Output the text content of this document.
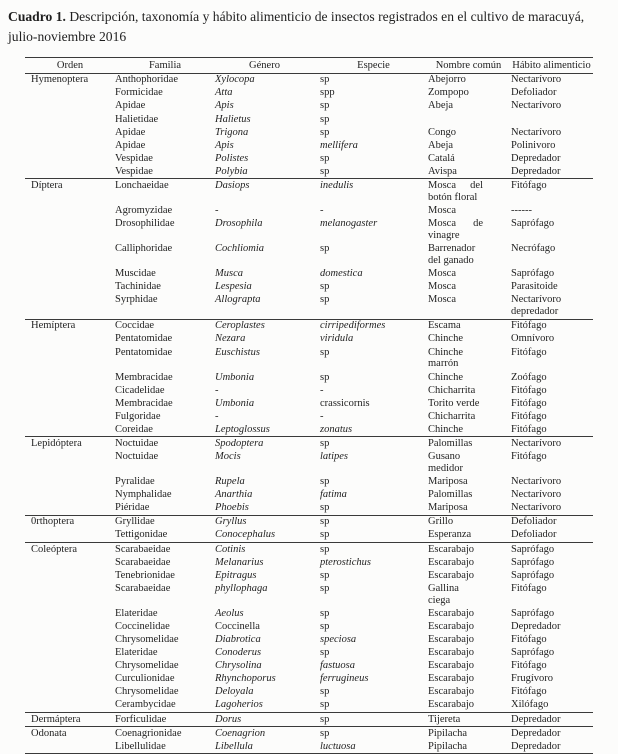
Cuadro 1. Descripción, taxonomía y hábito alimenticio de insectos registrados en el cultivo de maracuyá, julio-noviembre 2016

Orden	Familia	Género	Especie	Nombre común	Hábito alimenticio
Hymenoptera	Anthophoridae	Xylocopa	sp	Abejorro	Nectarívoro
	Formicidae	Atta	spp	Zompopo	Defoliador
	Apidae	Apis	sp	Abeja	Nectarívoro
	Halietidae	Halietus	sp		
	Apidae	Trigona	sp	Congo	Nectarívoro
	Apidae	Apis	mellifera	Abeja	Polinivoro
	Vespidae	Polistes	sp	Catalá	Depredador
	Vespidae	Polybia	sp	Avispa	Depredador
Díptera	Lonchaeidae	Dasiops	inedulis	Mosca del botón floral	Fitófago
	Agromyzidae	-	-	Mosca	------
	Drosophilidae	Drosophila	melanogaster	Mosca de vinagre	Saprófago
	Calliphoridae	Cochliomia	sp	Barrenador del ganado	Necrófago
	Muscidae	Musca	domestica	Mosca	Saprófago
	Tachinidae	Lespesia	sp	Mosca	Parasitoide
	Syrphidae	Allograpta	sp	Mosca	Nectarívoro depredador
Hemíptera	Coccidae	Ceroplastes	cirripediformes	Escama	Fitófago
	Pentatomidae	Nezara	viridula	Chinche	Omnívoro
	Pentatomidae	Euschistus	sp	Chinche marrón	Fitófago
	Membracidae	Umbonia	sp	Chinche	Zoófago
	Cicadelidae	-	-	Chicharrita	Fitófago
	Membracidae	Umbonia	crassicornis	Torito verde	Fitófago
	Fulgoridae	-	-	Chicharrita	Fitófago
	Coreidae	Leptoglossus	zonatus	Chinche	Fitófago
Lepidóptera	Noctuidae	Spodoptera	sp	Palomillas	Nectarívoro
	Noctuidae	Mocis	latipes	Gusano medidor	Fitófago
	Pyralidae	Rupela	sp	Mariposa	Nectarívoro
	Nymphalidae	Anarthia	fatima	Palomillas	Nectarívoro
	Piéridae	Phoebis	sp	Mariposa	Nectarívoro
0rthoptera	Gryllidae	Gryllus	sp	Grillo	Defoliador
	Tettigonidae	Conocephalus	sp	Esperanza	Defoliador
Coleóptera	Scarabaeidae	Cotinis	sp	Escarabajo	Saprófago
	Scarabaeidae	Melanarius	pterostichus	Escarabajo	Saprófago
	Tenebrionidae	Epitragus	sp	Escarabajo	Saprófago
	Scarabaeidae	phyllophaga	sp	Gallina ciega	Fitófago
	Elateridae	Aeolus	sp	Escarabajo	Saprófago
	Coccinelidae	Coccinella	sp	Escarabajo	Depredador
	Chrysomelidae	Diabrotica	speciosa	Escarabajo	Fitófago
	Elateridae	Conoderus	sp	Escarabajo	Saprófago
	Chrysomelidae	Chrysolina	fastuosa	Escarabajo	Fitófago
	Curculionidae	Rhynchoporus	ferrugineus	Escarabajo	Frugívoro
	Chrysomelidae	Deloyala	sp	Escarabajo	Fitófago
	Cerambycidae	Lagoherios	sp	Escarabajo	Xilófago
Dermáptera	Forficulidae	Dorus	sp	Tijereta	Depredador
Odonata	Coenagrionidae	Coenagrion	sp	Pipilacha	Depredador
	Libellulidae	Libellula	luctuosa	Pipilacha	Depredador
